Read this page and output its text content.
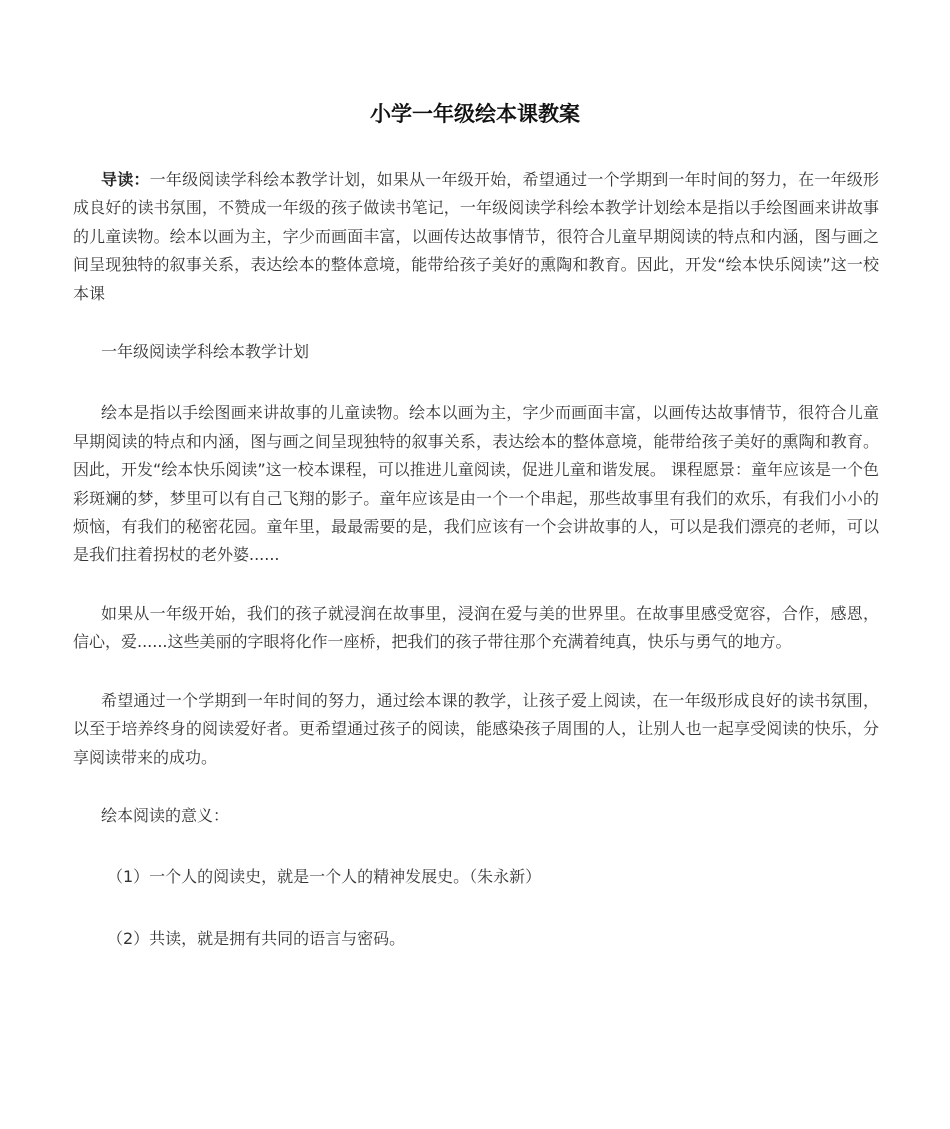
小学一年级绘本课教案

导读：一年级阅读学科绘本教学计划，如果从一年级开始，希望通过一个学期到一年时间的努力，在一年级形成良好的读书氛围，不赞成一年级的孩子做读书笔记，一年级阅读学科绘本教学计划绘本是指以手绘图画来讲故事的儿童读物。绘本以画为主，字少而画面丰富，以画传达故事情节，很符合儿童早期阅读的特点和内涵，图与画之间呈现独特的叙事关系，表达绘本的整体意境，能带给孩子美好的熏陶和教育。因此，开发“绘本快乐阅读”这一校本课

一年级阅读学科绘本教学计划

绘本是指以手绘图画来讲故事的儿童读物。绘本以画为主，字少而画面丰富，以画传达故事情节，很符合儿童早期阅读的特点和内涵，图与画之间呈现独特的叙事关系，表达绘本的整体意境，能带给孩子美好的熏陶和教育。因此，开发“绘本快乐阅读”这一校本课程，可以推进儿童阅读，促进儿童和谐发展。 课程愿景：童年应该是一个色彩斑斓的梦，梦里可以有自己飞翔的影子。童年应该是由一个一个串起，那些故事里有我们的欢乐，有我们小小的烦恼，有我们的秘密花园。童年里，最最需要的是，我们应该有一个会讲故事的人，可以是我们漂亮的老师，可以是我们拄着拐杖的老外婆......

如果从一年级开始，我们的孩子就浸润在故事里，浸润在爱与美的世界里。在故事里感受宽容，合作，感恩，信心，爱......这些美丽的字眼将化作一座桥，把我们的孩子带往那个充满着纯真，快乐与勇气的地方。

希望通过一个学期到一年时间的努力，通过绘本课的教学，让孩子爱上阅读，在一年级形成良好的读书氛围，以至于培养终身的阅读爱好者。更希望通过孩子的阅读，能感染孩子周围的人，让别人也一起享受阅读的快乐，分享阅读带来的成功。

绘本阅读的意义：

（1）一个人的阅读史，就是一个人的精神发展史。（朱永新）

（2）共读，就是拥有共同的语言与密码。
